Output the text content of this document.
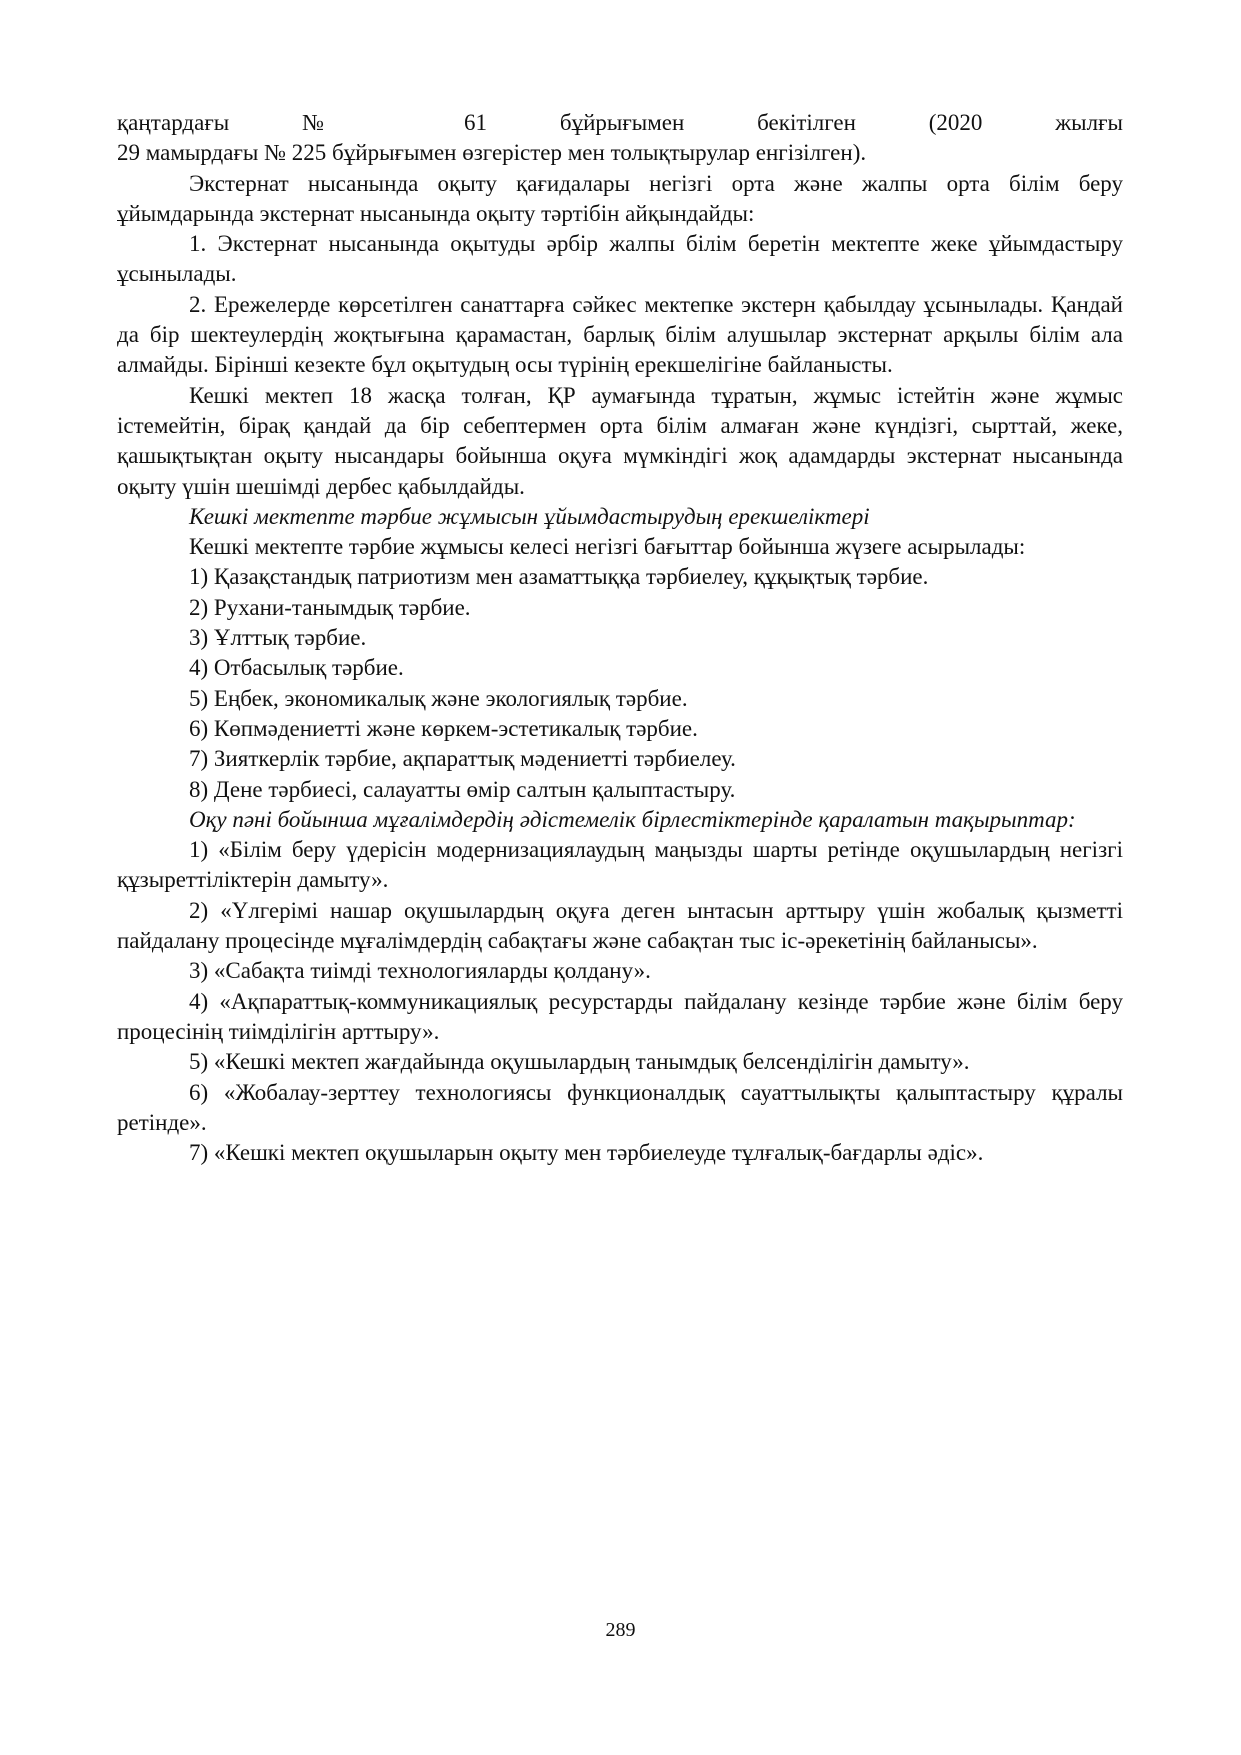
қаңтардағы № 61 бұйрығымен бекітілген (2020 жылғы

29 мамырдағы № 225 бұйрығымен өзгерістер мен толықтырулар енгізілген).

Экстернат нысанында оқыту қағидалары негізгі орта және жалпы орта білім беру ұйымдарында экстернат нысанында оқыту тәртібін айқындайды:

1. Экстернат нысанында оқытуды әрбір жалпы білім беретін мектепте жеке ұйымдастыру ұсынылады.

2. Ережелерде көрсетілген санаттарға сәйкес мектепке экстерн қабылдау ұсынылады. Қандай да бір шектеулердің жоқтығына қарамастан, барлық білім алушылар экстернат арқылы білім ала алмайды. Бірінші кезекте бұл оқытудың осы түрінің ерекшелігіне байланысты.

Кешкі мектеп 18 жасқа толған, ҚР аумағында тұратын, жұмыс істейтін және жұмыс істемейтін, бірақ қандай да бір себептермен орта білім алмаған және күндізгі, сырттай, жеке, қашықтықтан оқыту нысандары бойынша оқуға мүмкіндігі жоқ адамдарды экстернат нысанында оқыту үшін шешімді дербес қабылдайды.

Кешкі мектепте тәрбие жұмысын ұйымдастырудың ерекшеліктері

Кешкі мектепте тәрбие жұмысы келесі негізгі бағыттар бойынша жүзеге асырылады:

1) Қазақстандық патриотизм мен азаматтыққа тәрбиелеу, құқықтық тәрбие.

2) Рухани-танымдық тәрбие.

3) Ұлттық тәрбие.

4) Отбасылық тәрбие.

5) Еңбек, экономикалық және экологиялық тәрбие.

6) Көпмәдениетті және көркем-эстетикалық тәрбие.

7) Зияткерлік тәрбие, ақпараттық мәдениетті тәрбиелеу.

8) Дене тәрбиесі, салауатты өмір салтын қалыптастыру.

Оқу пәні бойынша мұғалімдердің әдістемелік бірлестіктерінде қаралатын тақырыптар:

1) «Білім беру үдерісін модернизациялаудың маңызды шарты ретінде оқушылардың негізгі құзыреттіліктерін дамыту».

2) «Үлгерімі нашар оқушылардың оқуға деген ынтасын арттыру үшін жобалық қызметті пайдалану процесінде мұғалімдердің сабақтағы және сабақтан тыс іс-әрекетінің байланысы».

3) «Сабақта тиімді технологияларды қолдану».

4) «Ақпараттық-коммуникациялық ресурстарды пайдалану кезінде тәрбие және білім беру процесінің тиімділігін арттыру».

5) «Кешкі мектеп жағдайында оқушылардың танымдық белсенділігін дамыту».

6) «Жобалау-зерттеу технологиясы функционалдық сауаттылықты қалыптастыру құралы ретінде».

7) «Кешкі мектеп оқушыларын оқыту мен тәрбиелеуде тұлғалық-бағдарлы әдіс».

289
